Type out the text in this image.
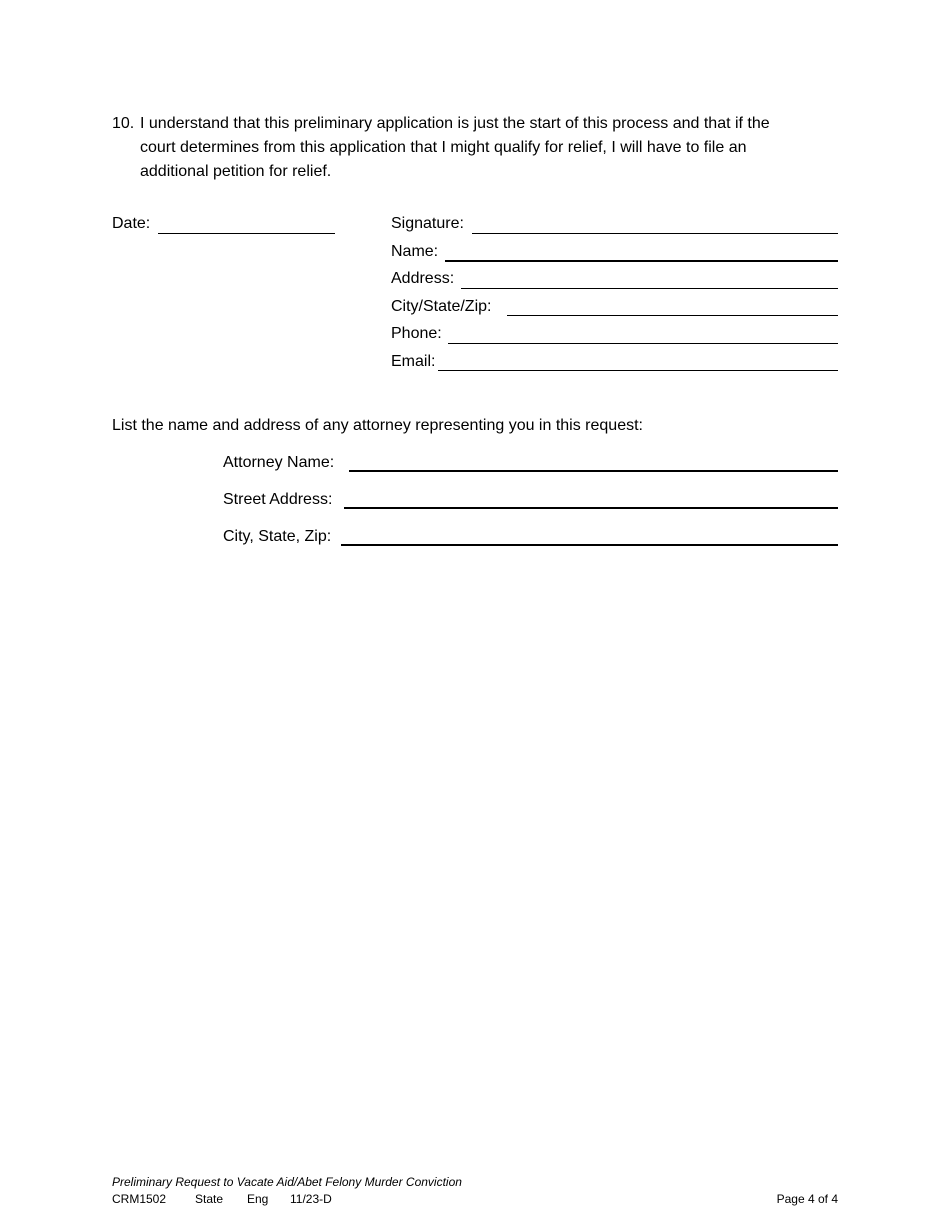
10. I understand that this preliminary application is just the start of this process and that if the
court determines from this application that I might qualify for relief, I will have to file an
additional petition for relief.
Date:	Signature:
Name:
Address:
City/State/Zip:
Phone:
Email:
List the name and address of any attorney representing you in this request:
Attorney Name:
Street Address:
City, State, Zip:
Preliminary Request to Vacate Aid/Abet Felony Murder Conviction
CRM1502 State Eng 11/23-D	Page 4 of 4
